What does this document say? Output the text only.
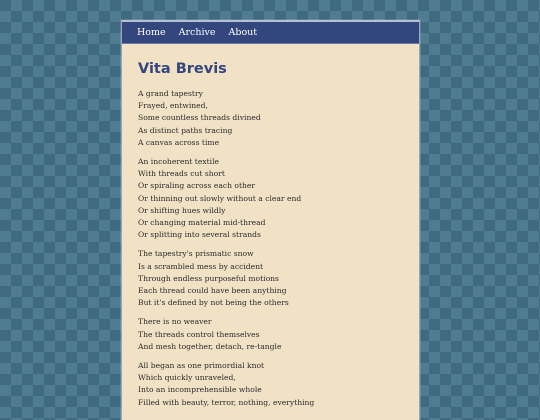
Home Archive About
Vita Brevis
A grand tapestry
Frayed, entwined,
Some countless threads divined
As distinct paths tracing
A canvas across time
An incoherent textile
With threads cut short
Or spiraling across each other
Or thinning out slowly without a clear end
Or shifting hues wildly
Or changing material mid-thread
Or splitting into several strands
The tapestry's prismatic snow
Is a scrambled mess by accident
Through endless purposeful motions
Each thread could have been anything
But it's defined by not being the others
There is no weaver
The threads control themselves
And mesh together, detach, re-tangle
All began as one primordial knot
Which quickly unraveled,
Into an incomprehensible whole
Filled with beauty, terror, nothing, everything
